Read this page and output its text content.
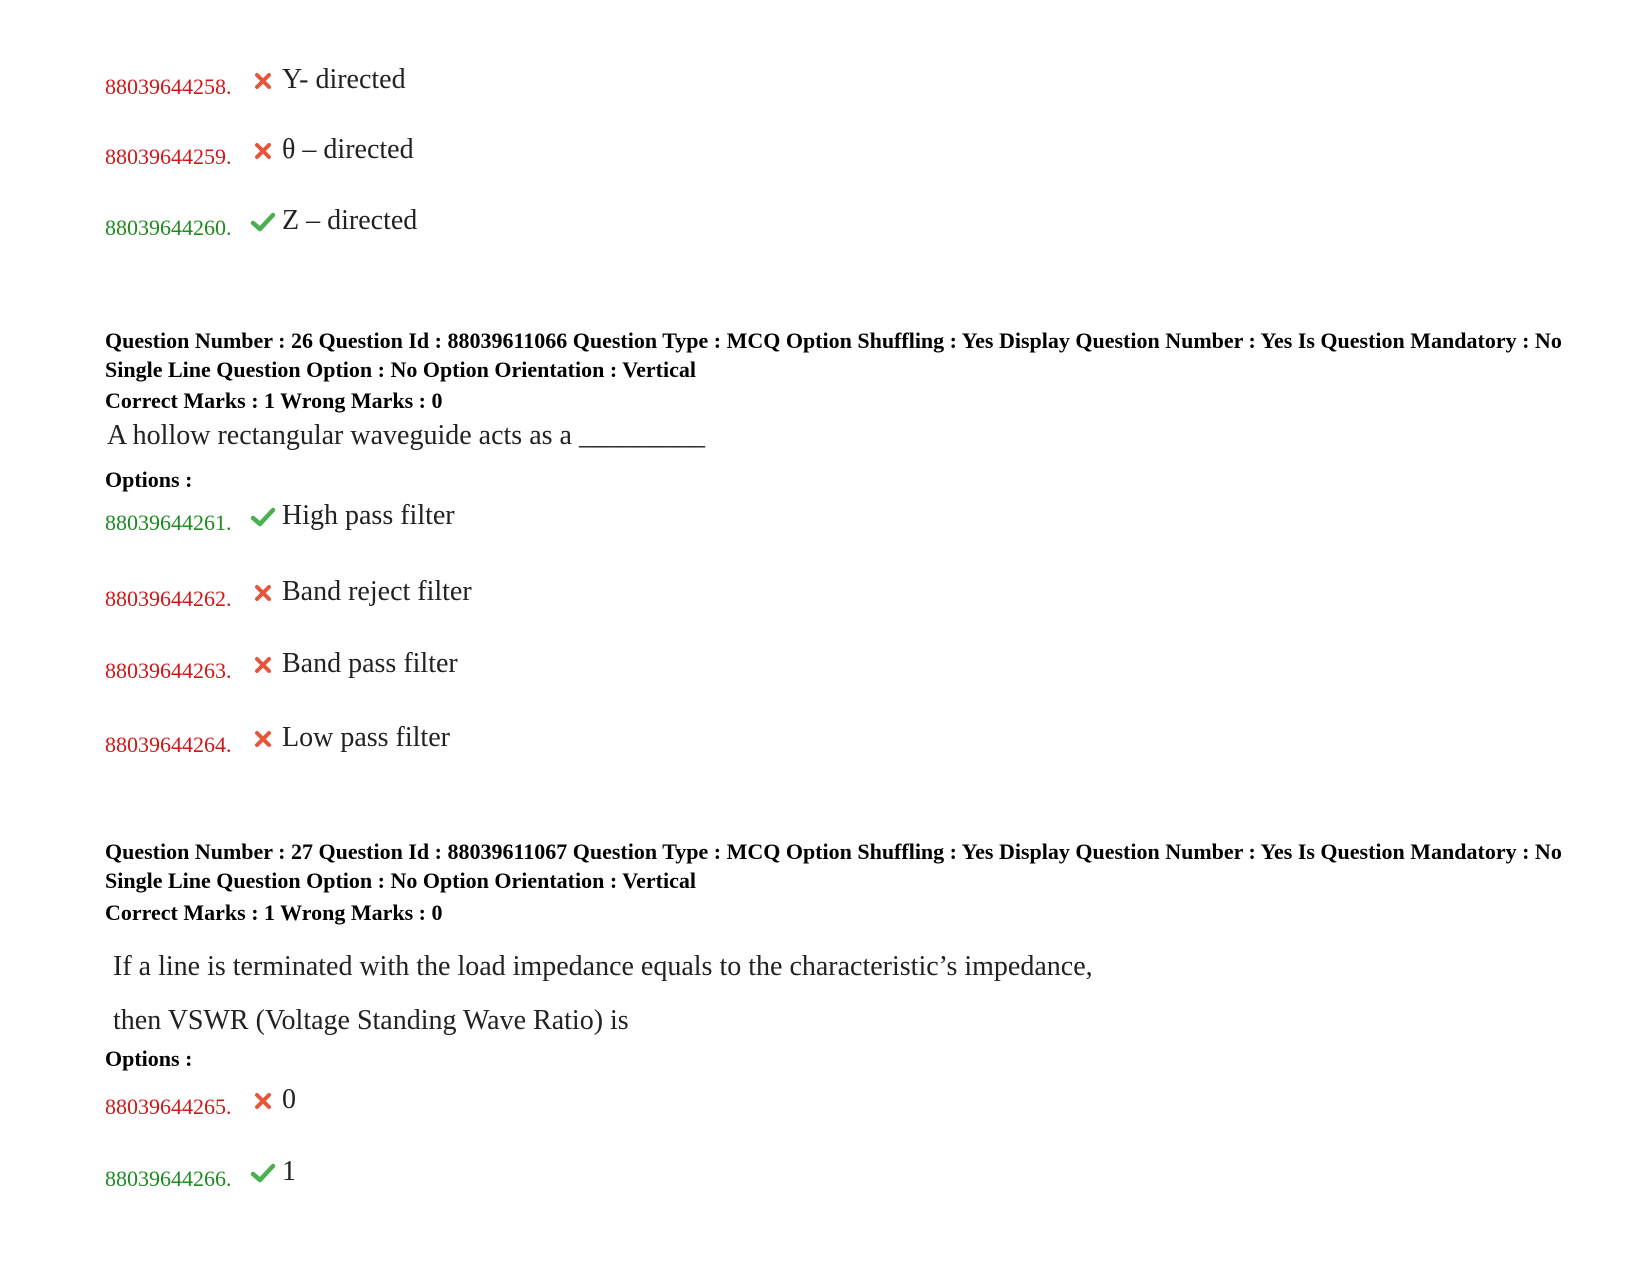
88039644258.	Y- directed
88039644259.	θ – directed
88039644260.	Z – directed
Question Number : 26 Question Id : 88039611066 Question Type : MCQ Option Shuffling : Yes Display Question Number : Yes Is Question Mandatory : No Single Line Question Option : No Option Orientation : Vertical
Correct Marks : 1 Wrong Marks : 0
A hollow rectangular waveguide acts as a _________
Options :
88039644261.	High pass filter
88039644262.	Band reject filter
88039644263.	Band pass filter
88039644264.	Low pass filter
Question Number : 27 Question Id : 88039611067 Question Type : MCQ Option Shuffling : Yes Display Question Number : Yes Is Question Mandatory : No Single Line Question Option : No Option Orientation : Vertical
Correct Marks : 1 Wrong Marks : 0
If a line is terminated with the load impedance equals to the characteristic’s impedance,
then VSWR (Voltage Standing Wave Ratio) is
Options :
88039644265.	0
88039644266.	1
